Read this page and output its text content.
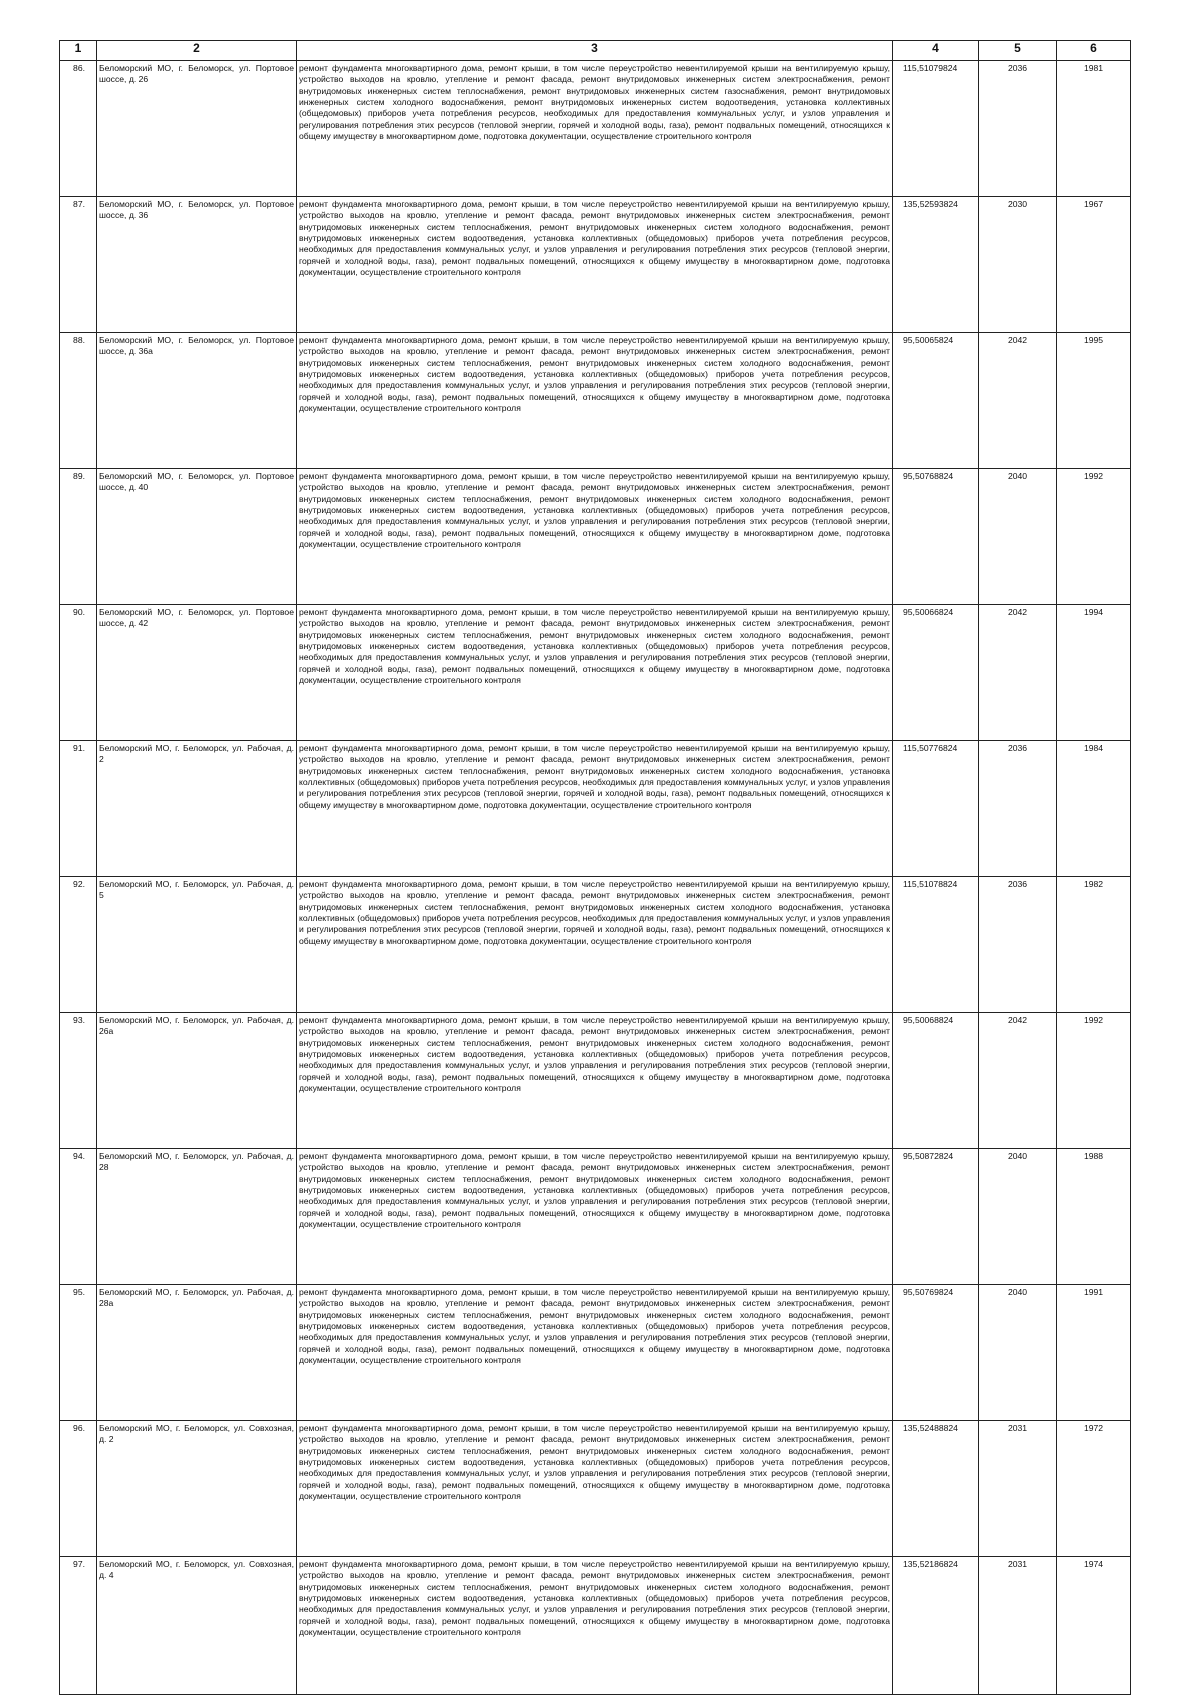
1	2	3	4	5	6
86.	Беломорский МО, г. Беломорск, ул. Портовое шоссе, д. 26	ремонт фундамента многоквартирного дома, ремонт крыши, в том числе переустройство невентилируемой крыши на вентилируемую крышу, устройство выходов на кровлю, утепление и ремонт фасада, ремонт внутридомовых инженерных систем электроснабжения, ремонт внутридомовых инженерных систем теплоснабжения, ремонт внутридомовых инженерных систем газоснабжения, ремонт внутридомовых инженерных систем холодного водоснабжения, ремонт внутридомовых инженерных систем водоотведения, установка коллективных (общедомовых) приборов учета потребления ресурсов, необходимых для предоставления коммунальных услуг, и узлов управления и регулирования потребления этих ресурсов (тепловой энергии, горячей и холодной воды, газа), ремонт подвальных помещений, относящихся к общему имуществу в многоквартирном доме, подготовка документации, осуществление строительного контроля	115,51079824	2036	1981
87.	Беломорский МО, г. Беломорск, ул. Портовое шоссе, д. 36	ремонт фундамента многоквартирного дома, ремонт крыши, в том числе переустройство невентилируемой крыши на вентилируемую крышу, устройство выходов на кровлю, утепление и ремонт фасада, ремонт внутридомовых инженерных систем электроснабжения, ремонт внутридомовых инженерных систем теплоснабжения, ремонт внутридомовых инженерных систем холодного водоснабжения, ремонт внутридомовых инженерных систем водоотведения, установка коллективных (общедомовых) приборов учета потребления ресурсов, необходимых для предоставления коммунальных услуг, и узлов управления и регулирования потребления этих ресурсов (тепловой энергии, горячей и холодной воды, газа), ремонт подвальных помещений, относящихся к общему имуществу в многоквартирном доме, подготовка документации, осуществление строительного контроля	135,52593824	2030	1967
88.	Беломорский МО, г. Беломорск, ул. Портовое шоссе, д. 36а	ремонт фундамента многоквартирного дома, ремонт крыши, в том числе переустройство невентилируемой крыши на вентилируемую крышу, устройство выходов на кровлю, утепление и ремонт фасада, ремонт внутридомовых инженерных систем электроснабжения, ремонт внутридомовых инженерных систем теплоснабжения, ремонт внутридомовых инженерных систем холодного водоснабжения, ремонт внутридомовых инженерных систем водоотведения, установка коллективных (общедомовых) приборов учета потребления ресурсов, необходимых для предоставления коммунальных услуг, и узлов управления и регулирования потребления этих ресурсов (тепловой энергии, горячей и холодной воды, газа), ремонт подвальных помещений, относящихся к общему имуществу в многоквартирном доме, подготовка документации, осуществление строительного контроля	95,50065824	2042	1995
89.	Беломорский МО, г. Беломорск, ул. Портовое шоссе, д. 40	ремонт фундамента многоквартирного дома, ремонт крыши, в том числе переустройство невентилируемой крыши на вентилируемую крышу, устройство выходов на кровлю, утепление и ремонт фасада, ремонт внутридомовых инженерных систем электроснабжения, ремонт внутридомовых инженерных систем теплоснабжения, ремонт внутридомовых инженерных систем холодного водоснабжения, ремонт внутридомовых инженерных систем водоотведения, установка коллективных (общедомовых) приборов учета потребления ресурсов, необходимых для предоставления коммунальных услуг, и узлов управления и регулирования потребления этих ресурсов (тепловой энергии, горячей и холодной воды, газа), ремонт подвальных помещений, относящихся к общему имуществу в многоквартирном доме, подготовка документации, осуществление строительного контроля	95,50768824	2040	1992
90.	Беломорский МО, г. Беломорск, ул. Портовое шоссе, д. 42	ремонт фундамента многоквартирного дома, ремонт крыши, в том числе переустройство невентилируемой крыши на вентилируемую крышу, устройство выходов на кровлю, утепление и ремонт фасада, ремонт внутридомовых инженерных систем электроснабжения, ремонт внутридомовых инженерных систем теплоснабжения, ремонт внутридомовых инженерных систем холодного водоснабжения, ремонт внутридомовых инженерных систем водоотведения, установка коллективных (общедомовых) приборов учета потребления ресурсов, необходимых для предоставления коммунальных услуг, и узлов управления и регулирования потребления этих ресурсов (тепловой энергии, горячей и холодной воды, газа), ремонт подвальных помещений, относящихся к общему имуществу в многоквартирном доме, подготовка документации, осуществление строительного контроля	95,50066824	2042	1994
91.	Беломорский МО, г. Беломорск, ул. Рабочая, д. 2	ремонт фундамента многоквартирного дома, ремонт крыши, в том числе переустройство невентилируемой крыши на вентилируемую крышу, устройство выходов на кровлю, утепление и ремонт фасада, ремонт внутридомовых инженерных систем электроснабжения, ремонт внутридомовых инженерных систем теплоснабжения, ремонт внутридомовых инженерных систем холодного водоснабжения, установка коллективных (общедомовых) приборов учета потребления ресурсов, необходимых для предоставления коммунальных услуг, и узлов управления и регулирования потребления этих ресурсов (тепловой энергии, горячей и холодной воды, газа), ремонт подвальных помещений, относящихся к общему имуществу в многоквартирном доме, подготовка документации, осуществление строительного контроля	115,50776824	2036	1984
92.	Беломорский МО, г. Беломорск, ул. Рабочая, д. 5	ремонт фундамента многоквартирного дома, ремонт крыши, в том числе переустройство невентилируемой крыши на вентилируемую крышу, устройство выходов на кровлю, утепление и ремонт фасада, ремонт внутридомовых инженерных систем электроснабжения, ремонт внутридомовых инженерных систем теплоснабжения, ремонт внутридомовых инженерных систем холодного водоснабжения, установка коллективных (общедомовых) приборов учета потребления ресурсов, необходимых для предоставления коммунальных услуг, и узлов управления и регулирования потребления этих ресурсов (тепловой энергии, горячей и холодной воды, газа), ремонт подвальных помещений, относящихся к общему имуществу в многоквартирном доме, подготовка документации, осуществление строительного контроля	115,51078824	2036	1982
93.	Беломорский МО, г. Беломорск, ул. Рабочая, д. 26а	ремонт фундамента многоквартирного дома, ремонт крыши, в том числе переустройство невентилируемой крыши на вентилируемую крышу, устройство выходов на кровлю, утепление и ремонт фасада, ремонт внутридомовых инженерных систем электроснабжения, ремонт внутридомовых инженерных систем теплоснабжения, ремонт внутридомовых инженерных систем холодного водоснабжения, ремонт внутридомовых инженерных систем водоотведения, установка коллективных (общедомовых) приборов учета потребления ресурсов, необходимых для предоставления коммунальных услуг, и узлов управления и регулирования потребления этих ресурсов (тепловой энергии, горячей и холодной воды, газа), ремонт подвальных помещений, относящихся к общему имуществу в многоквартирном доме, подготовка документации, осуществление строительного контроля	95,50068824	2042	1992
94.	Беломорский МО, г. Беломорск, ул. Рабочая, д. 28	ремонт фундамента многоквартирного дома, ремонт крыши, в том числе переустройство невентилируемой крыши на вентилируемую крышу, устройство выходов на кровлю, утепление и ремонт фасада, ремонт внутридомовых инженерных систем электроснабжения, ремонт внутридомовых инженерных систем теплоснабжения, ремонт внутридомовых инженерных систем холодного водоснабжения, ремонт внутридомовых инженерных систем водоотведения, установка коллективных (общедомовых) приборов учета потребления ресурсов, необходимых для предоставления коммунальных услуг, и узлов управления и регулирования потребления этих ресурсов (тепловой энергии, горячей и холодной воды, газа), ремонт подвальных помещений, относящихся к общему имуществу в многоквартирном доме, подготовка документации, осуществление строительного контроля	95,50872824	2040	1988
95.	Беломорский МО, г. Беломорск, ул. Рабочая, д. 28а	ремонт фундамента многоквартирного дома, ремонт крыши, в том числе переустройство невентилируемой крыши на вентилируемую крышу, устройство выходов на кровлю, утепление и ремонт фасада, ремонт внутридомовых инженерных систем электроснабжения, ремонт внутридомовых инженерных систем теплоснабжения, ремонт внутридомовых инженерных систем холодного водоснабжения, ремонт внутридомовых инженерных систем водоотведения, установка коллективных (общедомовых) приборов учета потребления ресурсов, необходимых для предоставления коммунальных услуг, и узлов управления и регулирования потребления этих ресурсов (тепловой энергии, горячей и холодной воды, газа), ремонт подвальных помещений, относящихся к общему имуществу в многоквартирном доме, подготовка документации, осуществление строительного контроля	95,50769824	2040	1991
96.	Беломорский МО, г. Беломорск, ул. Совхозная, д. 2	ремонт фундамента многоквартирного дома, ремонт крыши, в том числе переустройство невентилируемой крыши на вентилируемую крышу, устройство выходов на кровлю, утепление и ремонт фасада, ремонт внутридомовых инженерных систем электроснабжения, ремонт внутридомовых инженерных систем теплоснабжения, ремонт внутридомовых инженерных систем холодного водоснабжения, ремонт внутридомовых инженерных систем водоотведения, установка коллективных (общедомовых) приборов учета потребления ресурсов, необходимых для предоставления коммунальных услуг, и узлов управления и регулирования потребления этих ресурсов (тепловой энергии, горячей и холодной воды, газа), ремонт подвальных помещений, относящихся к общему имуществу в многоквартирном доме, подготовка документации, осуществление строительного контроля	135,52488824	2031	1972
97.	Беломорский МО, г. Беломорск, ул. Совхозная, д. 4	ремонт фундамента многоквартирного дома, ремонт крыши, в том числе переустройство невентилируемой крыши на вентилируемую крышу, устройство выходов на кровлю, утепление и ремонт фасада, ремонт внутридомовых инженерных систем электроснабжения, ремонт внутридомовых инженерных систем теплоснабжения, ремонт внутридомовых инженерных систем холодного водоснабжения, ремонт внутридомовых инженерных систем водоотведения, установка коллективных (общедомовых) приборов учета потребления ресурсов, необходимых для предоставления коммунальных услуг, и узлов управления и регулирования потребления этих ресурсов (тепловой энергии, горячей и холодной воды, газа), ремонт подвальных помещений, относящихся к общему имуществу в многоквартирном доме, подготовка документации, осуществление строительного контроля	135,52186824	2031	1974
